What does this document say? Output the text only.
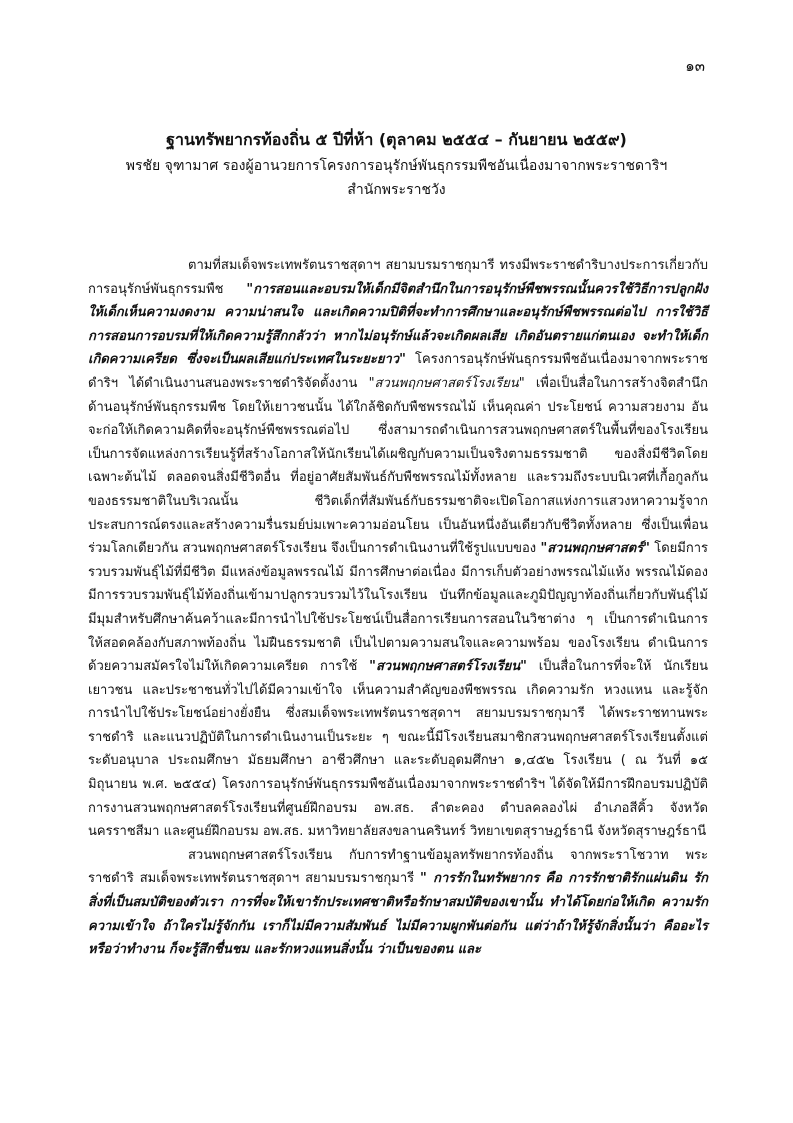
๑๓
ฐานทรัพยากรท้องถิ่น ๕ ปีที่ห้า (ตุลาคม ๒๕๕๔ – กันยายน ๒๕๕๙)
พรชัย จุฑามาศ รองผู้อานวยการโครงการอนุรักษ์พันธุกรรมพืชอันเนื่องมาจากพระราชดาริฯ
สำนักพระราชวัง

ตามที่สมเด็จพระเทพรัตนราชสุดาฯ สยามบรมราชกุมารี ทรงมีพระราชดำริบางประการเกี่ยวกับการอนุรักษ์พันธุกรรมพืช "การสอนและอบรมให้เด็กมีจิตสำนึกในการอนุรักษ์พืชพรรณนั้นควรใช้วิธีการปลูกฝัง ให้เด็กเห็นความงดงาม ความน่าสนใจ และเกิดความปิติที่จะทำการศึกษาและอนุรักษ์พืชพรรณต่อไป การใช้วิธีการสอนการอบรมที่ให้เกิดความรู้สึกกลัวว่า หากไม่อนุรักษ์แล้วจะเกิดผลเสีย เกิดอันตรายแก่ตนเอง จะทำให้เด็กเกิดความเครียด ซึ่งจะเป็นผลเสียแก่ประเทศในระยะยาว" โครงการอนุรักษ์พันธุกรรมพืชอันเนื่องมาจากพระราชดำริฯ ได้ดำเนินงานสนองพระราชดำริจัดตั้งงาน "สวนพฤกษศาสตร์โรงเรียน" เพื่อเป็นสื่อในการสร้างจิตสำนึกด้านอนุรักษ์พันธุกรรมพืช โดยให้เยาวชนนั้น ได้ใกล้ชิดกับพืชพรรณไม้ เห็นคุณค่า ประโยชน์ ความสวยงาม อันจะก่อให้เกิดความคิดที่จะอนุรักษ์พืชพรรณต่อไป ซึ่งสามารถดำเนินการสวนพฤกษศาสตร์ในพื้นที่ของโรงเรียน เป็นการจัดแหล่งการเรียนรู้ที่สร้างโอกาสให้นักเรียนได้เผชิญกับความเป็นจริงตามธรรมชาติ ของสิ่งมีชีวิตโดยเฉพาะต้นไม้ ตลอดจนสิ่งมีชีวิตอื่น ที่อยู่อาศัยสัมพันธ์กับพืชพรรณไม้ทั้งหลาย และรวมถึงระบบนิเวศที่เกื้อกูลกันของธรรมชาติในบริเวณนั้น ชีวิตเด็กที่สัมพันธ์กับธรรมชาติจะเปิดโอกาสแห่งการแสวงหาความรู้จากประสบการณ์ตรงและสร้างความรื่นรมย์บ่มเพาะความอ่อนโยน เป็นอันหนึ่งอันเดียวกับชีวิตทั้งหลาย ซึ่งเป็นเพื่อนร่วมโลกเดียวกัน สวนพฤกษศาสตร์โรงเรียน จึงเป็นการดำเนินงานที่ใช้รูปแบบของ "สวนพฤกษศาสตร์" โดยมีการรวบรวมพันธุ์ไม้ที่มีชีวิต มีแหล่งข้อมูลพรรณไม้ มีการศึกษาต่อเนื่อง มีการเก็บตัวอย่างพรรณไม้แห้ง พรรณไม้ดอง มีการรวบรวมพันธุ์ไม้ท้องถิ่นเข้ามาปลูกรวบรวมไว้ในโรงเรียน บันทึกข้อมูลและภูมิปัญญาท้องถิ่นเกี่ยวกับพันธุ์ไม้ มีมุมสำหรับศึกษาค้นคว้าและมีการนำไปใช้ประโยชน์เป็นสื่อการเรียนการสอนในวิชาต่าง ๆ เป็นการดำเนินการให้สอดคล้องกับสภาพท้องถิ่น ไม่ฝืนธรรมชาติ เป็นไปตามความสนใจและความพร้อม ของโรงเรียน ดำเนินการด้วยความสมัครใจไม่ให้เกิดความเครียด การใช้ "สวนพฤกษศาสตร์โรงเรียน" เป็นสื่อในการที่จะให้ นักเรียน เยาวชน และประชาชนทั่วไปได้มีความเข้าใจ เห็นความสำคัญของพืชพรรณ เกิดความรัก หวงแหน และรู้จักการนำไปใช้ประโยชน์อย่างยั่งยืน ซึ่งสมเด็จพระเทพรัตนราชสุดาฯ สยามบรมราชกุมารี ได้พระราชทานพระราชดำริ และแนวปฏิบัติในการดำเนินงานเป็นระยะ ๆ ขณะนี้มีโรงเรียนสมาชิกสวนพฤกษศาสตร์โรงเรียนตั้งแต่ระดับอนุบาล ประถมศึกษา มัธยมศึกษา อาชีวศึกษา และระดับอุดมศึกษา ๑,๔๕๒ โรงเรียน ( ณ วันที่ ๑๕ มิถุนายน พ.ศ. ๒๕๕๔) โครงการอนุรักษ์พันธุกรรมพืชอันเนื่องมาจากพระราชดำริฯ ได้จัดให้มีการฝึกอบรมปฏิบัติการงานสวนพฤกษศาสตร์โรงเรียนที่ศูนย์ฝึกอบรม อพ.สธ. ลำตะคอง ตำบลคลองไผ่ อำเภอสีคิ้ว จังหวัดนครราชสีมา และศูนย์ฝึกอบรม อพ.สธ. มหาวิทยาลัยสงขลานครินทร์ วิทยาเขตสุราษฎร์ธานี จังหวัดสุราษฎร์ธานี

สวนพฤกษศาสตร์โรงเรียน กับการทำฐานข้อมูลทรัพยากรท้องถิ่น จากพระราโชวาท พระราชดำริ สมเด็จพระเทพรัตนราชสุดาฯ สยามบรมราชกุมารี " การรักในทรัพยากร คือ การรักชาติรักแผ่นดิน รักสิ่งที่เป็นสมบัติของตัวเรา การที่จะให้เขารักประเทศชาติหรือรักษาสมบัติของเขานั้น ทำได้โดยก่อให้เกิด ความรักความเข้าใจ ถ้าใครไม่รู้จักกัน เราก็ไม่มีความสัมพันธ์ ไม่มีความผูกพันต่อกัน แต่ว่าถ้าให้รู้จักสิ่งนั้นว่า คืออะไร หรือว่าทำงาน ก็จะรู้สึกชื่นชม และรักหวงแหนสิ่งนั้น ว่าเป็นของตน และ
